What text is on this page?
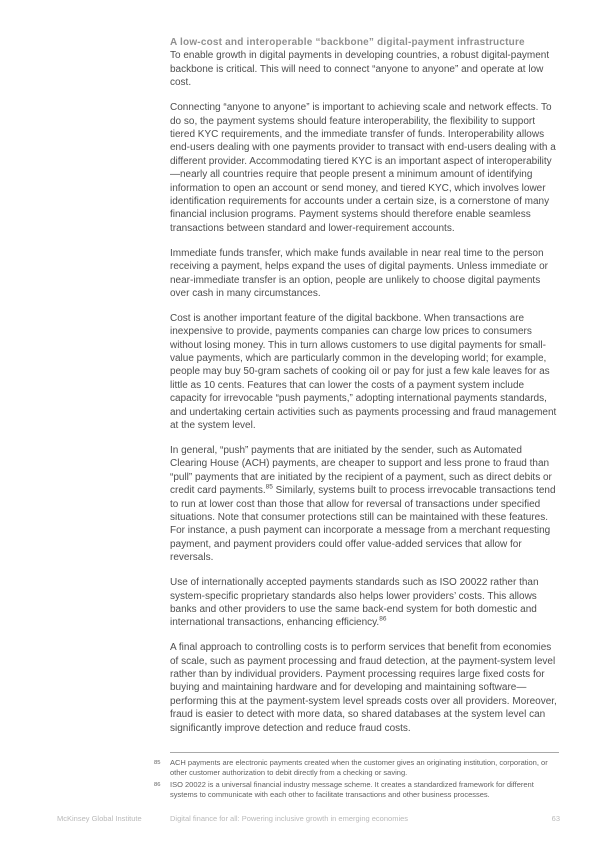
A low-cost and interoperable “backbone” digital-payment infrastructure

To enable growth in digital payments in developing countries, a robust digital-payment backbone is critical. This will need to connect “anyone to anyone” and operate at low cost.

Connecting “anyone to anyone” is important to achieving scale and network effects. To do so, the payment systems should feature interoperability, the flexibility to support tiered KYC requirements, and the immediate transfer of funds. Interoperability allows end-users dealing with one payments provider to transact with end-users dealing with a different provider. Accommodating tiered KYC is an important aspect of interoperability—nearly all countries require that people present a minimum amount of identifying information to open an account or send money, and tiered KYC, which involves lower identification requirements for accounts under a certain size, is a cornerstone of many financial inclusion programs. Payment systems should therefore enable seamless transactions between standard and lower-requirement accounts.

Immediate funds transfer, which make funds available in near real time to the person receiving a payment, helps expand the uses of digital payments. Unless immediate or near-immediate transfer is an option, people are unlikely to choose digital payments over cash in many circumstances.

Cost is another important feature of the digital backbone. When transactions are inexpensive to provide, payments companies can charge low prices to consumers without losing money. This in turn allows customers to use digital payments for small-value payments, which are particularly common in the developing world; for example, people may buy 50-gram sachets of cooking oil or pay for just a few kale leaves for as little as 10 cents. Features that can lower the costs of a payment system include capacity for irrevocable “push payments,” adopting international payments standards, and undertaking certain activities such as payments processing and fraud management at the system level.

In general, “push” payments that are initiated by the sender, such as Automated Clearing House (ACH) payments, are cheaper to support and less prone to fraud than “pull” payments that are initiated by the recipient of a payment, such as direct debits or credit card payments.$^{85}$ Similarly, systems built to process irrevocable transactions tend to run at lower cost than those that allow for reversal of transactions under specified situations. Note that consumer protections still can be maintained with these features. For instance, a push payment can incorporate a message from a merchant requesting payment, and payment providers could offer value-added services that allow for reversals.

Use of internationally accepted payments standards such as ISO 20022 rather than system-specific proprietary standards also helps lower providers’ costs. This allows banks and other providers to use the same back-end system for both domestic and international transactions, enhancing efficiency.$^{86}$

A final approach to controlling costs is to perform services that benefit from economies of scale, such as payment processing and fraud detection, at the payment-system level rather than by individual providers. Payment processing requires large fixed costs for buying and maintaining hardware and for developing and maintaining software—performing this at the payment-system level spreads costs over all providers. Moreover, fraud is easier to detect with more data, so shared databases at the system level can significantly improve detection and reduce fraud costs.

85	ACH payments are electronic payments created when the customer gives an originating institution, corporation, or other customer authorization to debit directly from a checking or saving.
86	ISO 20022 is a universal financial industry message scheme. It creates a standardized framework for different systems to communicate with each other to facilitate transactions and other business processes.
McKinsey Global Institute	Digital finance for all: Powering inclusive growth in emerging economies	63
